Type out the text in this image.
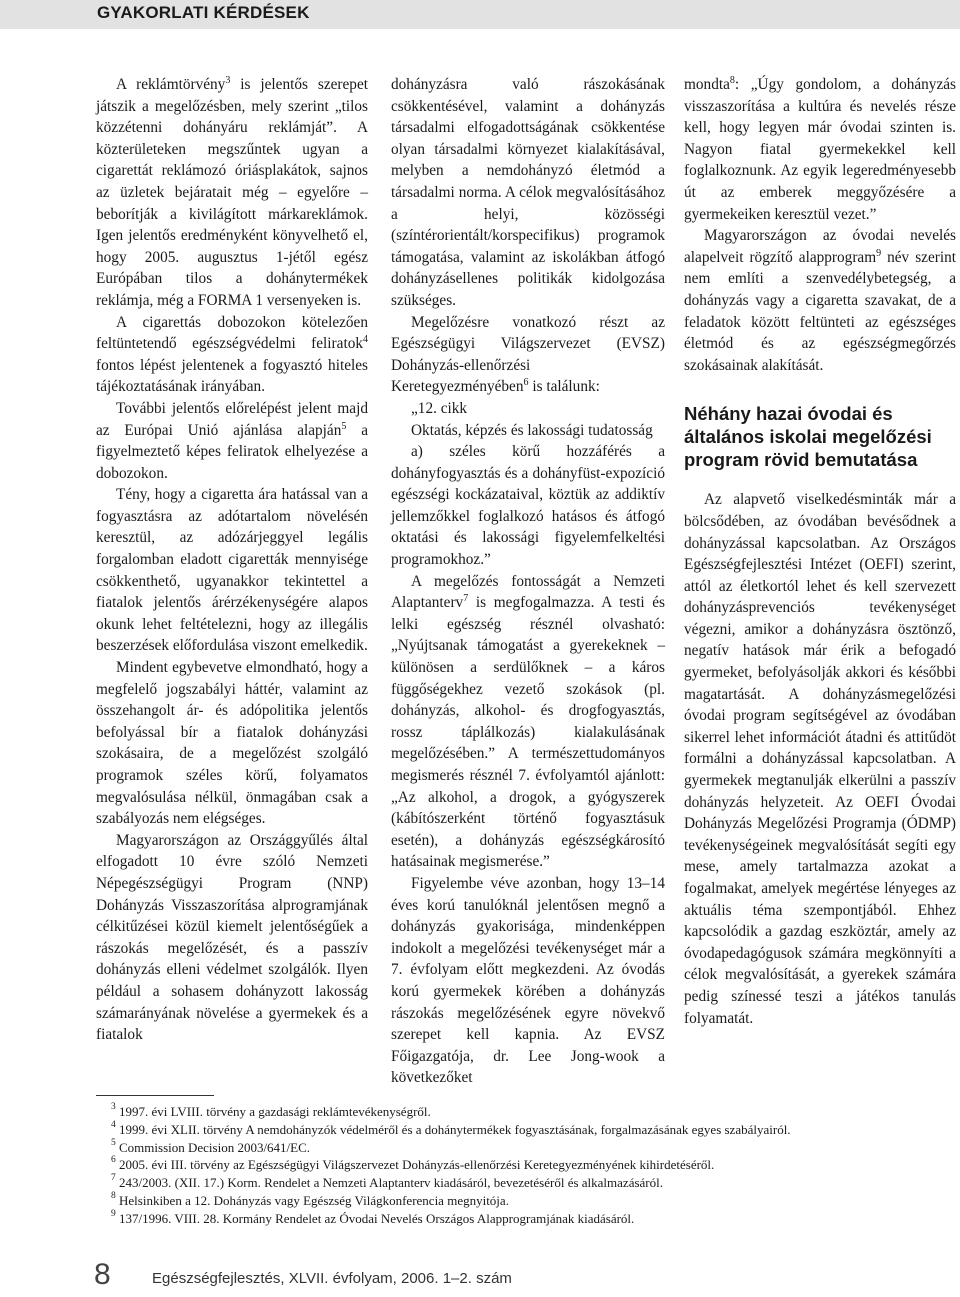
GYAKORLATI KÉRDÉSEK

A reklámtörvény$^3$ is jelentős szerepet játszik a megelőzésben, mely szerint „tilos közzétenni dohányáru reklámját”. A közterületeken megszűntek ugyan a cigarettát reklámozó óriásplakátok, sajnos az üzletek bejáratait még – egyelőre – beborítják a kivilágított márkareklámok. Igen jelentős eredményként könyvelhető el, hogy 2005. augusztus 1-jétől egész Európában tilos a dohánytermékek reklámja, még a FORMA 1 versenyeken is.

A cigarettás dobozokon kötelezően feltüntetendő egészségvédelmi feliratok$^4$ fontos lépést jelentenek a fogyasztó hiteles tájékoztatásának irányában.

További jelentős előrelépést jelent majd az Európai Unió ajánlása alapján$^5$ a figyelmeztető képes feliratok elhelyezése a dobozokon.

Tény, hogy a cigaretta ára hatással van a fogyasztásra az adótartalom növelésén keresztül, az adózárjeggyel legális forgalomban eladott cigaretták mennyisége csökkenthető, ugyanakkor tekintettel a fiatalok jelentős árérzékenységére alapos okunk lehet feltételezni, hogy az illegális beszerzések előfordulása viszont emelkedik.

Mindent egybevetve elmondható, hogy a megfelelő jogszabályi háttér, valamint az összehangolt ár- és adópolitika jelentős befolyással bír a fiatalok dohányzási szokásaira, de a megelőzést szolgáló programok széles körű, folyamatos megvalósulása nélkül, önmagában csak a szabályozás nem elégséges.

Magyarországon az Országgyűlés által elfogadott 10 évre szóló Nemzeti Népegészségügyi Program (NNP) Dohányzás Visszaszorítása alprogramjának célkitűzései közül kiemelt jelentőségűek a rászokás megelőzését, és a passzív dohányzás elleni védelmet szolgálók. Ilyen például a sohasem dohányzott lakosság számarányának növelése a gyermekek és a fiatalok

dohányzásra való rászokásának csökkentésével, valamint a dohányzás társadalmi elfogadottságának csökkentése olyan társadalmi környezet kialakításával, melyben a nemdohányzó életmód a társadalmi norma. A célok megvalósításához a helyi, közösségi (színtérorientált/korspecifikus) programok támogatása, valamint az iskolákban átfogó dohányzásellenes politikák kidolgozása szükséges.

Megelőzésre vonatkozó részt az Egészségügyi Világszervezet (EVSZ) Dohányzás-ellenőrzési Keretegyezményében$^6$ is találunk:

„12. cikk

Oktatás, képzés és lakossági tudatosság

a) széles körű hozzáférés a dohányfogyasztás és a dohányfüst-expozíció egészségi kockázataival, köztük az addiktív jellemzőkkel foglalkozó hatásos és átfogó oktatási és lakossági figyelemfelkeltési programokhoz.”

A megelőzés fontosságát a Nemzeti Alaptanterv$^7$ is megfogalmazza. A testi és lelki egészség résznél olvasható: „Nyújtsanak támogatást a gyerekeknek – különösen a serdülőknek – a káros függőségekhez vezető szokások (pl. dohányzás, alkohol- és drogfogyasztás, rossz táplálkozás) kialakulásának megelőzésében.” A természettudományos megismerés résznél 7. évfolyamtól ajánlott: „Az alkohol, a drogok, a gyógyszerek (kábítószerként történő fogyasztásuk esetén), a dohányzás egészségkárosító hatásainak megismerése.”

Figyelembe véve azonban, hogy 13–14 éves korú tanulóknál jelentősen megnő a dohányzás gyakorisága, mindenképpen indokolt a megelőzési tevékenységet már a 7. évfolyam előtt megkezdeni. Az óvodás korú gyermekek körében a dohányzás rászokás megelőzésének egyre növekvő szerepet kell kapnia. Az EVSZ Főigazgatója, dr. Lee Jong-wook a következőket

mondta$^8$: „Úgy gondolom, a dohányzás visszaszorítása a kultúra és nevelés része kell, hogy legyen már óvodai szinten is. Nagyon fiatal gyermekekkel kell foglalkoznunk. Az egyik legeredményesebb út az emberek meggyőzésére a gyermekeiken keresztül vezet.”

Magyarországon az óvodai nevelés alapelveit rögzítő alapprogram$^9$ név szerint nem említi a szenvedélybetegség, a dohányzás vagy a cigaretta szavakat, de a feladatok között feltünteti az egészséges életmód és az egészségmegőrzés szokásainak alakítását.

Néhány hazai óvodai és általános iskolai megelőzési program rövid bemutatása

Az alapvető viselkedésminták már a bölcsődében, az óvodában bevésődnek a dohányzással kapcsolatban. Az Országos Egészségfejlesztési Intézet (OEFI) szerint, attól az életkortól lehet és kell szervezett dohányzásprevenciós tevékenységet végezni, amikor a dohányzásra ösztönző, negatív hatások már érik a befogadó gyermeket, befolyásolják akkori és későbbi magatartását. A dohányzásmegelőzési óvodai program segítségével az óvodában sikerrel lehet információt átadni és attitűdöt formálni a dohányzással kapcsolatban. A gyermekek megtanulják elkerülni a passzív dohányzás helyzeteit. Az OEFI Óvodai Dohányzás Megelőzési Programja (ÓDMP) tevékenységeinek megvalósítását segíti egy mese, amely tartalmazza azokat a fogalmakat, amelyek megértése lényeges az aktuális téma szempontjából. Ehhez kapcsolódik a gazdag eszköztár, amely az óvodapedagógusok számára megkönnyíti a célok megvalósítását, a gyerekek számára pedig színessé teszi a játékos tanulás folyamatát.

3 1997. évi LVIII. törvény a gazdasági reklámtevékenységről.
4 1999. évi XLII. törvény A nemdohányzók védelméről és a dohánytermékek fogyasztásának, forgalmazásának egyes szabályairól.
5 Commission Decision 2003/641/EC.
6 2005. évi III. törvény az Egészségügyi Világszervezet Dohányzás-ellenőrzési Keretegyezményének kihirdetéséről.
7 243/2003. (XII. 17.) Korm. Rendelet a Nemzeti Alaptanterv kiadásáról, bevezetéséről és alkalmazásáról.
8 Helsinkiben a 12. Dohányzás vagy Egészség Világkonferencia megnyitója.
9 137/1996. VIII. 28. Kormány Rendelet az Óvodai Nevelés Országos Alapprogramjának kiadásáról.
8	Egészségfejlesztés, XLVII. évfolyam, 2006. 1–2. szám
